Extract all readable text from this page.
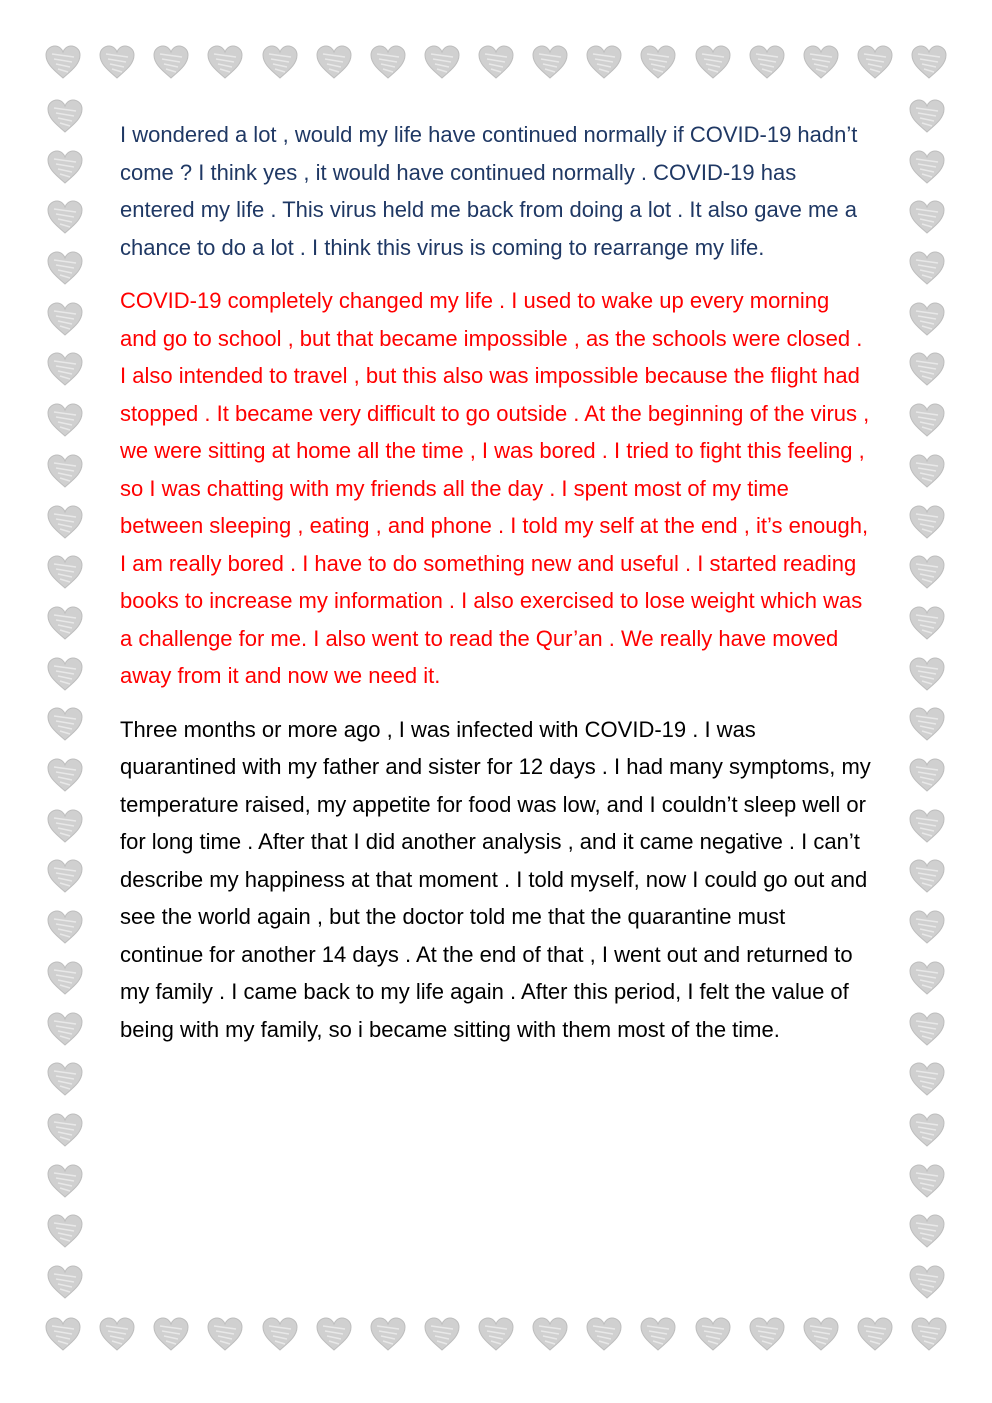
I wondered a lot , would my life have continued normally if COVID-19 hadn’t come ? I think yes , it would have continued normally . COVID-19 has entered my life . This virus held me back from doing a lot . It also gave me a chance to do a lot . I think this virus is coming to rearrange my life.

COVID-19 completely changed my life . I used to wake up every morning and go to school , but that became impossible , as the schools were closed . I also intended to travel , but this also was impossible because the flight had stopped . It became very difficult to go outside . At the beginning of the virus , we were sitting at home all the time , I was bored . I tried to fight this feeling , so I was chatting with my friends all the day . I spent most of my time between sleeping , eating , and phone . I told my self at the end , it’s enough, I am really bored . I have to do something new and useful . I started reading books to increase my information . I also exercised to lose weight which was a challenge for me. I also went to read the Qur’an . We really have moved away from it and now we need it.

Three months or more ago , I was infected with COVID-19 . I was quarantined with my father and sister for 12 days . I had many symptoms, my temperature raised, my appetite for food was low, and I couldn’t sleep well or for long time . After that I did another analysis , and it came negative . I can’t describe my happiness at that moment . I told myself, now I could go out and see the world again , but the doctor told me that the quarantine must continue for another 14 days . At the end of that , I went out and returned to my family . I came back to my life again . After this period, I felt the value of being with my family, so i became sitting with them most of the time.
